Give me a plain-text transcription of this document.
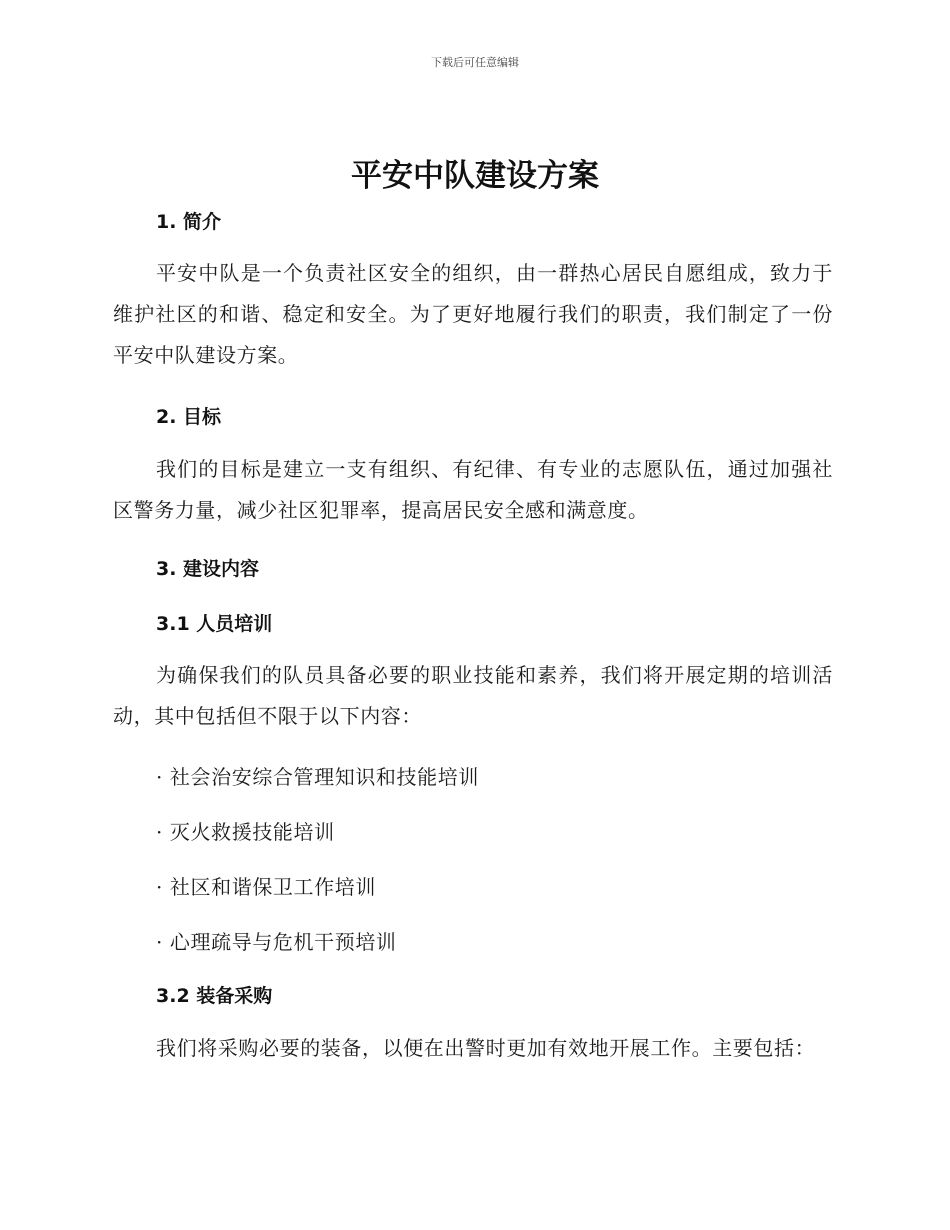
下载后可任意编辑
平安中队建设方案
1. 简介
平安中队是一个负责社区安全的组织，由一群热心居民自愿组成，致力于维护社区的和谐、稳定和安全。为了更好地履行我们的职责，我们制定了一份平安中队建设方案。
2. 目标
我们的目标是建立一支有组织、有纪律、有专业的志愿队伍，通过加强社区警务力量，减少社区犯罪率，提高居民安全感和满意度。
3. 建设内容
3.1 人员培训
为确保我们的队员具备必要的职业技能和素养，我们将开展定期的培训活动，其中包括但不限于以下内容：
· 社会治安综合管理知识和技能培训
· 灭火救援技能培训
· 社区和谐保卫工作培训
· 心理疏导与危机干预培训
3.2 装备采购
我们将采购必要的装备，以便在出警时更加有效地开展工作。主要包括：
